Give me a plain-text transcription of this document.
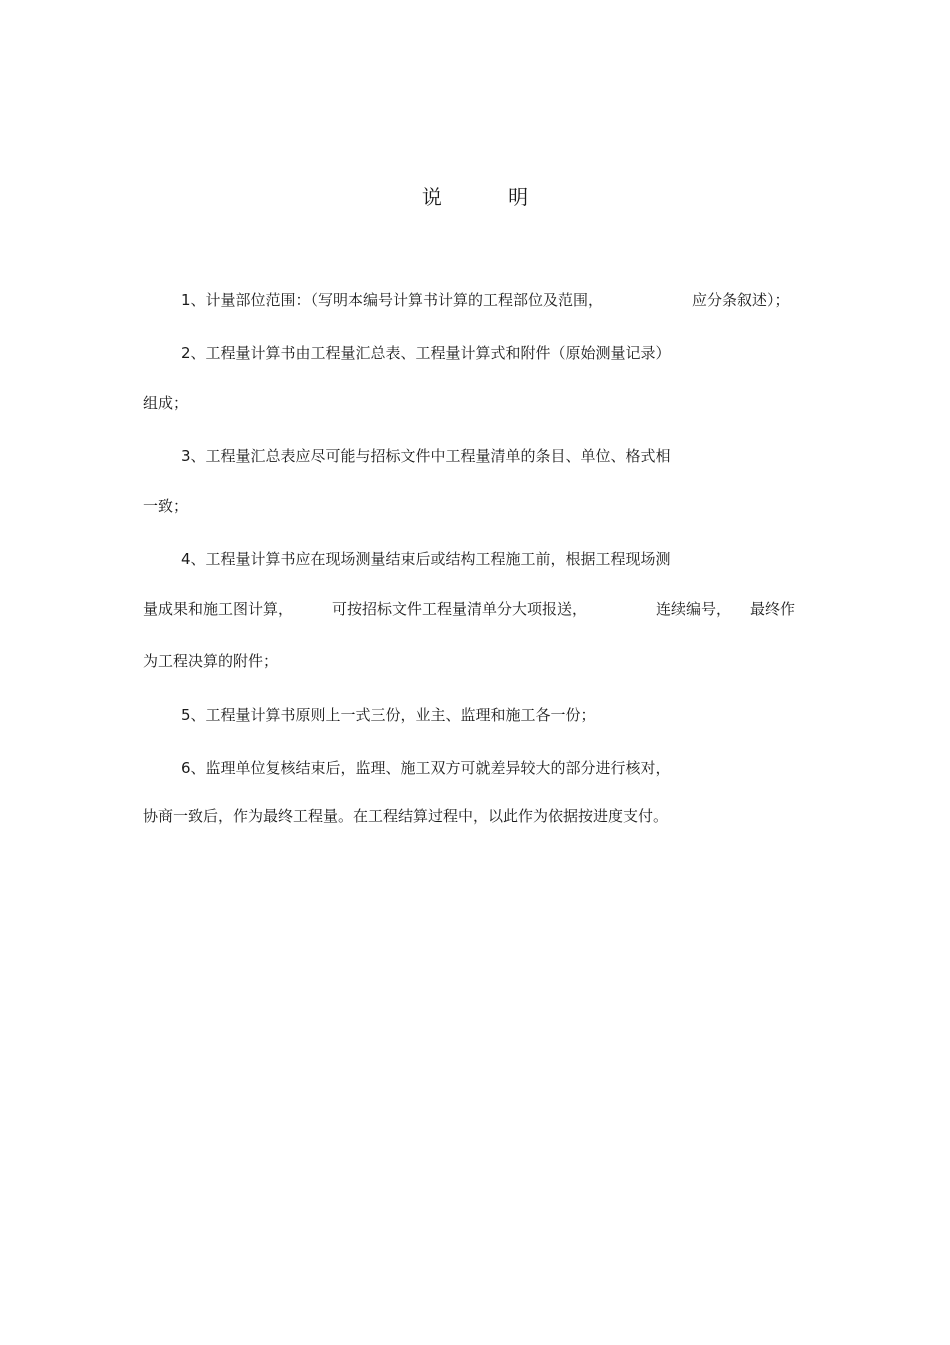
说 明
1、计量部位范围：（写明本编号计算书计算的工程部位及范围，	应分条叙述）；
2、工程量计算书由工程量汇总表、工程量计算式和附件（原始测量记录）
组成；
3、工程量汇总表应尽可能与招标文件中工程量清单的条目、单位、格式相
一致；
4、工程量计算书应在现场测量结束后或结构工程施工前，根据工程现场测
量成果和施工图计算，	可按招标文件工程量清单分大项报送，	连续编号， 最终作
为工程决算的附件；
5、工程量计算书原则上一式三份，业主、监理和施工各一份；
6、监理单位复核结束后，监理、施工双方可就差异较大的部分进行核对，
协商一致后，作为最终工程量。在工程结算过程中，以此作为依据按进度支付。
